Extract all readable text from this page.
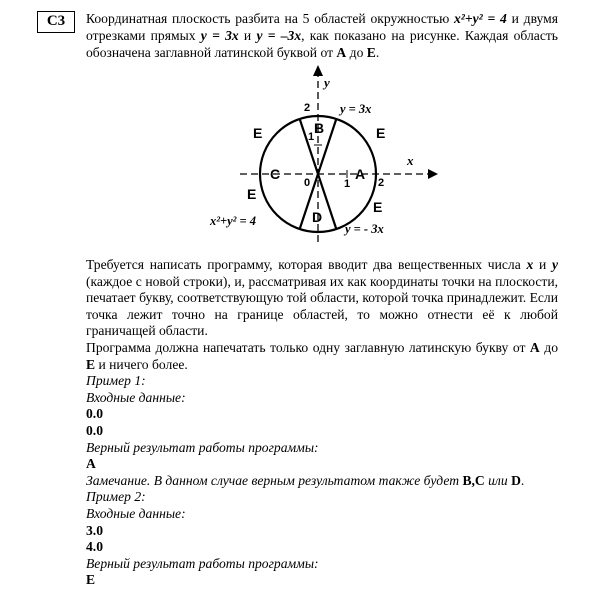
C3	Координатная плоскость разбита на 5 областей окружностью x²+y² = 4 и двумя отрезками прямых y = 3x и y = –3x, как показано на рисунке. Каждая область обозначена заглавной латинской буквой от A до E.
x
y
0
2
1
1	2
y = 3x
y = - 3x
x²+y² = 4
B
C	A
D
E	E
E
E

Требуется написать программу, которая вводит два вещественных числа x и y (каждое с новой строки), и, рассматривая их как координаты точки на плоскости, печатает букву, соответствующую той области, которой точка принадлежит. Если точка лежит точно на границе областей, то можно отнести её к любой граничащей области.

Программа должна напечатать только одну заглавную латинскую букву от A до E и ничего более.

Пример 1:

Входные данные:

0.0

0.0

Верный результат работы программы:

A

Замечание. В данном случае верным результатом также будет B,C или D.

Пример 2:

Входные данные:

3.0

4.0

Верный результат работы программы:

E
